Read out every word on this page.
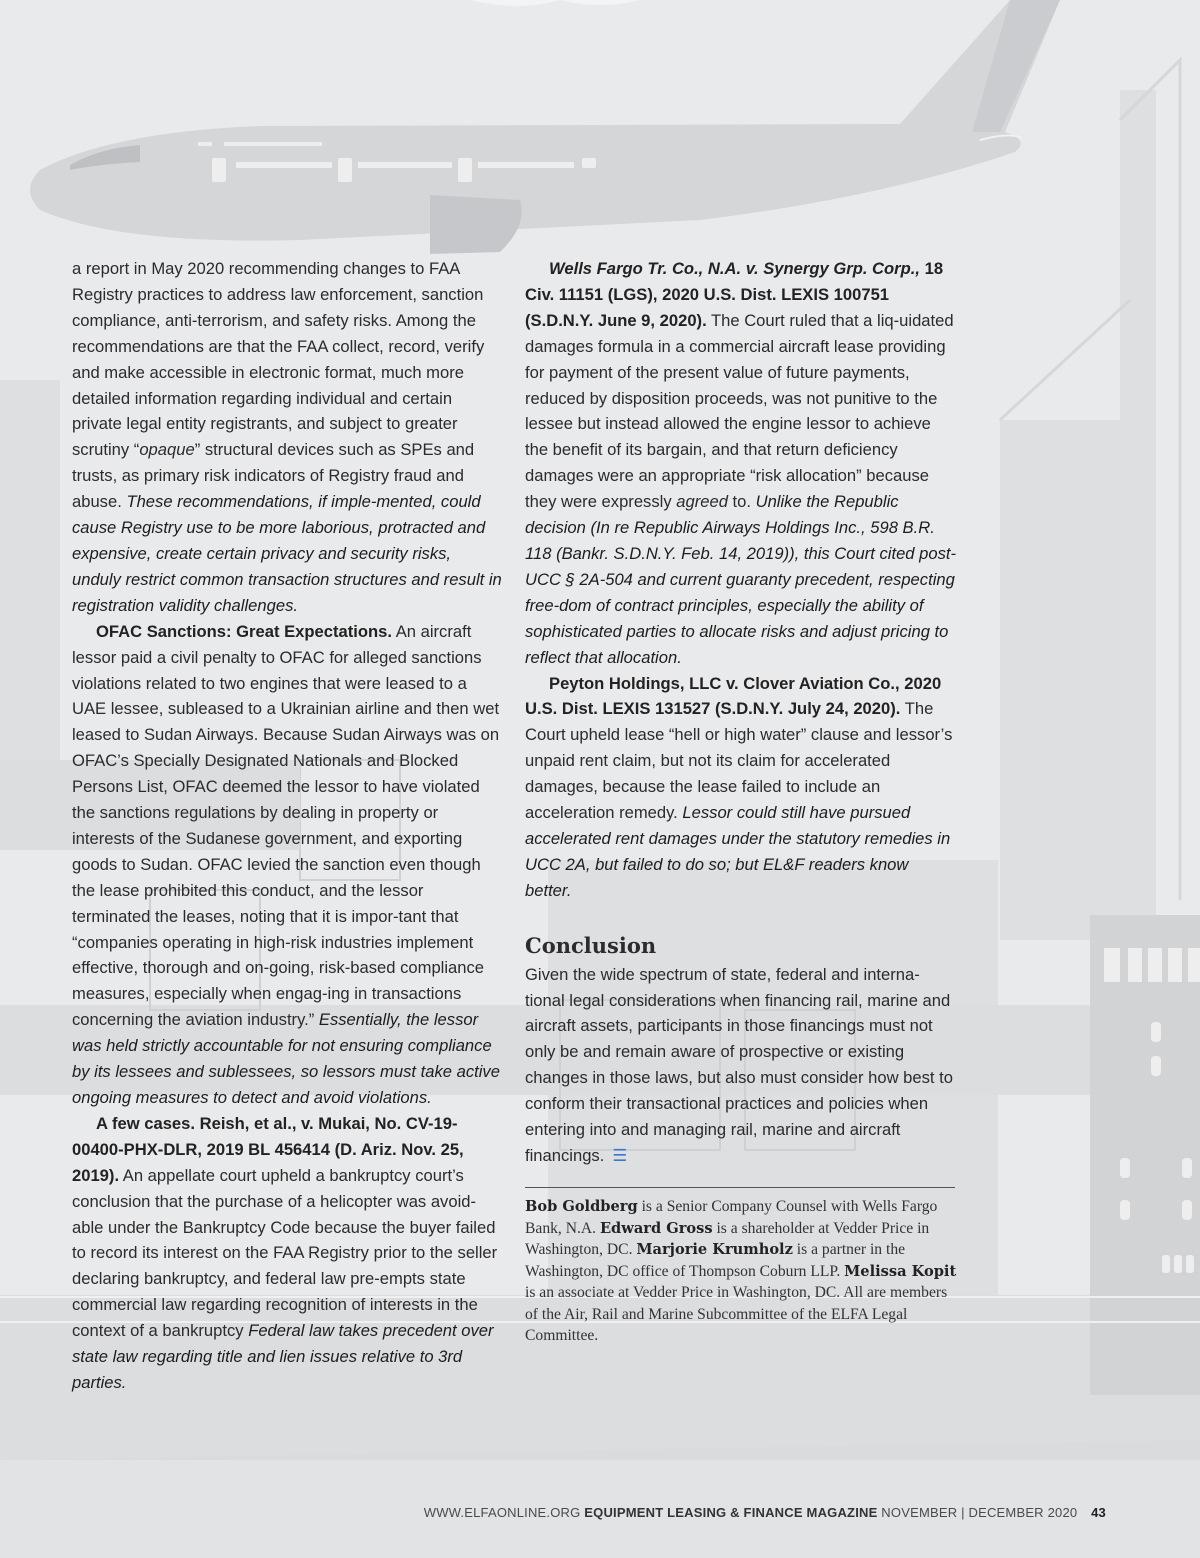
a report in May 2020 recommending changes to FAA Registry practices to address law enforcement, sanction compliance, anti-terrorism, and safety risks. Among the recommendations are that the FAA collect, record, verify and make accessible in electronic format, much more detailed information regarding individual and certain private legal entity registrants, and subject to greater scrutiny “opaque” structural devices such as SPEs and trusts, as primary risk indicators of Registry fraud and abuse. These recommendations, if imple-mented, could cause Registry use to be more laborious, protracted and expensive, create certain privacy and security risks, unduly restrict common transaction structures and result in registration validity challenges.

OFAC Sanctions: Great Expectations. An aircraft lessor paid a civil penalty to OFAC for alleged sanctions violations related to two engines that were leased to a UAE lessee, subleased to a Ukrainian airline and then wet leased to Sudan Airways. Because Sudan Airways was on OFAC’s Specially Designated Nationals and Blocked Persons List, OFAC deemed the lessor to have violated the sanctions regulations by dealing in property or interests of the Sudanese government, and exporting goods to Sudan. OFAC levied the sanction even though the lease prohibited this conduct, and the lessor terminated the leases, noting that it is impor-tant that “companies operating in high-risk industries implement effective, thorough and on-going, risk-based compliance measures, especially when engag-ing in transactions concerning the aviation industry.” Essentially, the lessor was held strictly accountable for not ensuring compliance by its lessees and sublessees, so lessors must take active ongoing measures to detect and avoid violations.

A few cases. Reish, et al., v. Mukai, No. CV-19-00400-PHX-DLR, 2019 BL 456414 (D. Ariz. Nov. 25, 2019). An appellate court upheld a bankruptcy court’s conclusion that the purchase of a helicopter was avoid-able under the Bankruptcy Code because the buyer failed to record its interest on the FAA Registry prior to the seller declaring bankruptcy, and federal law pre-empts state commercial law regarding recognition of interests in the context of a bankruptcy Federal law takes precedent over state law regarding title and lien issues relative to 3rd parties.

Wells Fargo Tr. Co., N.A. v. Synergy Grp. Corp., 18 Civ. 11151 (LGS), 2020 U.S. Dist. LEXIS 100751 (S.D.N.Y. June 9, 2020). The Court ruled that a liq-uidated damages formula in a commercial aircraft lease providing for payment of the present value of future payments, reduced by disposition proceeds, was not punitive to the lessee but instead allowed the engine lessor to achieve the benefit of its bargain, and that return deficiency damages were an appropriate “risk allocation” because they were expressly agreed to. Unlike the Republic decision (In re Republic Airways Holdings Inc., 598 B.R. 118 (Bankr. S.D.N.Y. Feb. 14, 2019)), this Court cited post-UCC § 2A-504 and current guaranty precedent, respecting free-dom of contract principles, especially the ability of sophisticated parties to allocate risks and adjust pricing to reflect that allocation.

Peyton Holdings, LLC v. Clover Aviation Co., 2020 U.S. Dist. LEXIS 131527 (S.D.N.Y. July 24, 2020). The Court upheld lease “hell or high water” clause and lessor’s unpaid rent claim, but not its claim for accelerated damages, because the lease failed to include an acceleration remedy. Lessor could still have pursued accelerated rent damages under the statutory remedies in UCC 2A, but failed to do so; but EL&F readers know better.

Conclusion

Given the wide spectrum of state, federal and interna-tional legal considerations when financing rail, marine and aircraft assets, participants in those financings must not only be and remain aware of prospective or existing changes in those laws, but also must consider how best to conform their transactional practices and policies when entering into and managing rail, marine and aircraft financings. ☰

Bob Goldberg is a Senior Company Counsel with Wells Fargo Bank, N.A. Edward Gross is a shareholder at Vedder Price in Washington, DC. Marjorie Krumholz is a partner in the Washington, DC office of Thompson Coburn LLP. Melissa Kopit is an associate at Vedder Price in Washington, DC. All are members of the Air, Rail and Marine Subcommittee of the ELFA Legal Committee.

WWW.ELFAONLINE.ORG EQUIPMENT LEASING & FINANCE MAGAZINE NOVEMBER | DECEMBER 2020 43
